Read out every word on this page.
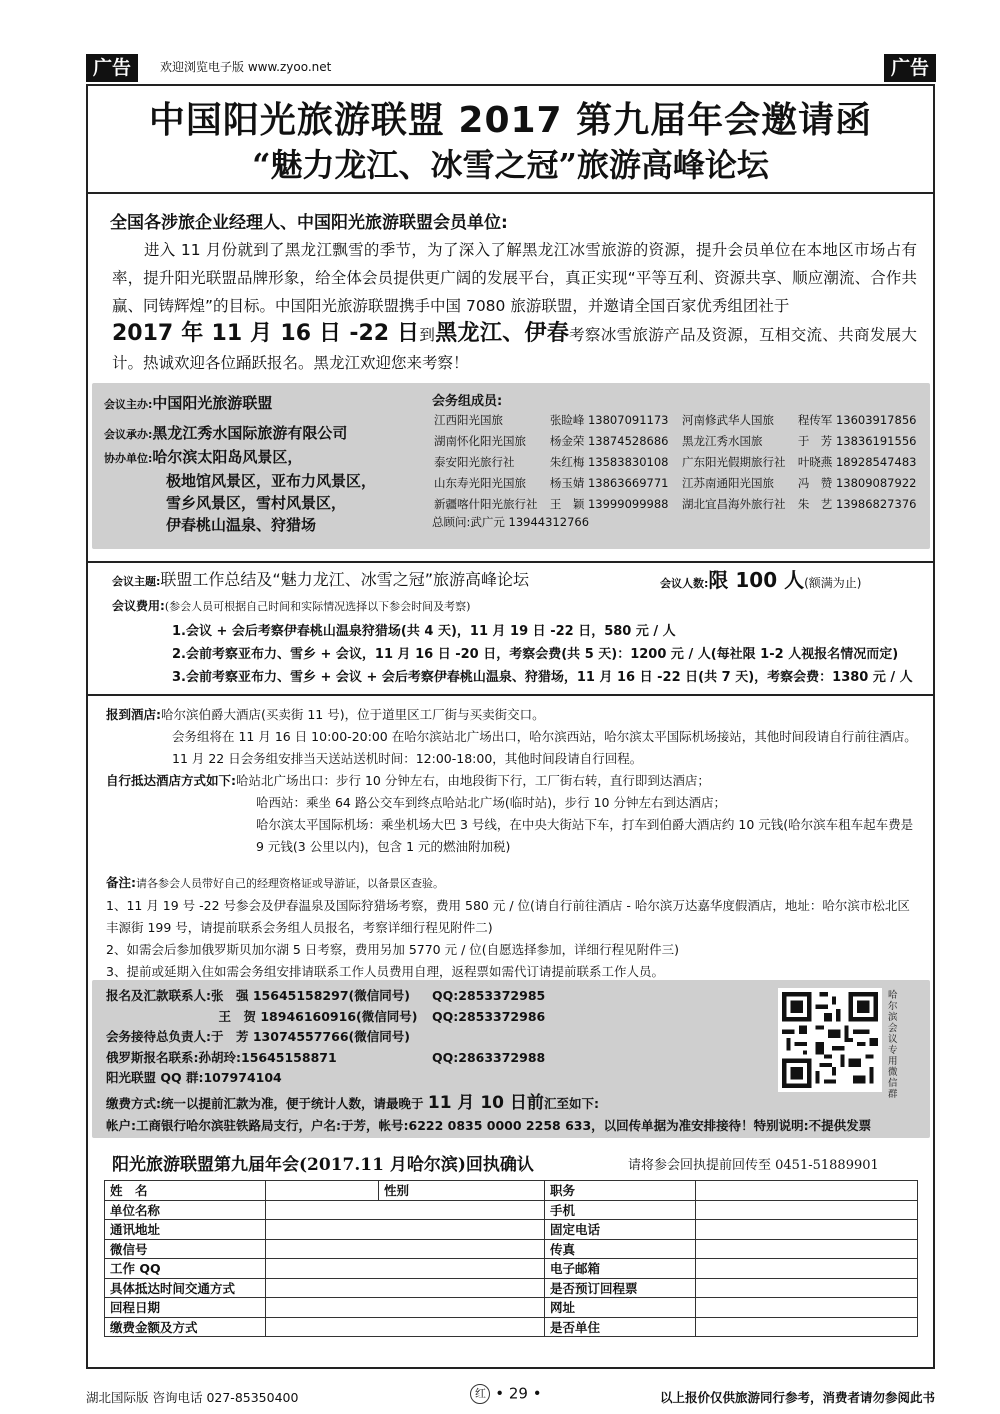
广告	欢迎浏览电子版 www.zyoo.net	广告
中国阳光旅游联盟 2017 第九届年会邀请函
“魅力龙江、冰雪之冠”旅游高峰论坛
全国各涉旅企业经理人、中国阳光旅游联盟会员单位:
进入 11 月份就到了黑龙江飘雪的季节，为了深入了解黑龙江冰雪旅游的资源，提升会员单位在本地区市场占有率，提升阳光联盟品牌形象，给全体会员提供更广阔的发展平台，真正实现“平等互利、资源共享、顺应潮流、合作共赢、同铸辉煌”的目标。中国阳光旅游联盟携手中国 7080 旅游联盟，并邀请全国百家优秀组团社于
2017 年 11 月 16 日 -22 日到黑龙江、伊春考察冰雪旅游产品及资源，互相交流、共商发展大计。热诚欢迎各位踊跃报名。黑龙江欢迎您来考察！
会议主办:中国阳光旅游联盟
会议承办:黑龙江秀水国际旅游有限公司
协办单位:哈尔滨太阳岛风景区，
极地馆风景区，亚布力风景区，
雪乡风景区，雪村风景区，
伊春桃山温泉、狩猎场
会务组成员:
江西阳光国旅	张睑峰 13807091173	河南修武华人国旅	程传军 13603917856
湖南怀化阳光国旅	杨金荣 13874528686	黑龙江秀水国旅	于　芳 13836191556
泰安阳光旅行社	朱红梅 13583830108	广东阳光假期旅行社	叶晓燕 18928547483
山东寿光阳光国旅	杨玉婧 13863669771	江苏南通阳光国旅	冯　赞 13809087922
新疆喀什阳光旅行社	王　颖 13999099988	湖北宜昌海外旅行社	朱　艺 13986827376
总顾问:武广元 13944312766
会议主题:联盟工作总结及“魅力龙江、冰雪之冠”旅游高峰论坛	会议人数:限 100 人(额满为止)
会议费用:(参会人员可根据自己时间和实际情况选择以下参会时间及考察)
1.会议 + 会后考察伊春桃山温泉狩猎场(共 4 天)，11 月 19 日 -22 日，580 元 / 人
2.会前考察亚布力、雪乡 + 会议，11 月 16 日 -20 日，考察会费(共 5 天)：1200 元 / 人(每社限 1-2 人视报名情况而定)
3.会前考察亚布力、雪乡 + 会议 + 会后考察伊春桃山温泉、狩猎场，11 月 16 日 -22 日(共 7 天)，考察会费：1380 元 / 人
报到酒店:哈尔滨伯爵大酒店(买卖街 11 号)，位于道里区工厂街与买卖街交口。
会务组将在 11 月 16 日 10:00-20:00 在哈尔滨站北广场出口，哈尔滨西站，哈尔滨太平国际机场接站，其他时间段请自行前往酒店。
11 月 22 日会务组安排当天送站送机时间：12:00-18:00，其他时间段请自行回程。
自行抵达酒店方式如下:哈站北广场出口：步行 10 分钟左右，由地段街下行，工厂街右转，直行即到达酒店；
哈西站：乘坐 64 路公交车到终点哈站北广场(临时站)，步行 10 分钟左右到达酒店；
哈尔滨太平国际机场：乘坐机场大巴 3 号线，在中央大街站下车，打车到伯爵大酒店约 10 元钱(哈尔滨车租车起车费是 9 元钱(3 公里以内)，包含 1 元的燃油附加税)
备注:请各参会人员带好自己的经理资格证或导游证，以备景区查验。
1、11 月 19 号 -22 号参会及伊春温泉及国际狩猎场考察，费用 580 元 / 位(请自行前往酒店 - 哈尔滨万达嘉华度假酒店，地址：哈尔滨市松北区丰源街 199 号，请提前联系会务组人员报名，考察详细行程见附件二)
2、如需会后参加俄罗斯贝加尔湖 5 日考察，费用另加 5770 元 / 位(自愿选择参加，详细行程见附件三)
3、提前或延期入住如需会务组安排请联系工作人员费用自理，返程票如需代订请提前联系工作人员。
报名及汇款联系人:张　强 15645158297(微信同号) QQ:2853372985
　　　　　　　　　王　贺 18946160916(微信同号) QQ:2853372986
会务接待总负责人:于　芳 13074557766(微信同号)
俄罗斯报名联系:孙胡玲:15645158871	QQ:2863372988
阳光联盟 QQ 群:107974104
哈尔滨会议专用微信群
缴费方式:统一以提前汇款为准，便于统计人数，请最晚于 11 月 10 日前汇至如下:
帐户:工商银行哈尔滨驻铁路局支行，户名:于芳，帐号:6222 0835 0000 2258 633，以回传单据为准安排接待！特别说明:不提供发票
阳光旅游联盟第九届年会(2017.11 月哈尔滨)回执确认	请将参会回执提前回传至 0451-51889901
姓　名		性别	职务	
单位名称			手机	
通讯地址			固定电话	
微信号			传真	
工作 QQ			电子邮箱	
具体抵达时间交通方式			是否预订回程票	
回程日期			网址	
缴费金额及方式			是否单住	
湖北国际版 咨询电话 027-85350400	红 • 29 •	以上报价仅供旅游同行参考，消费者请勿参阅此书
